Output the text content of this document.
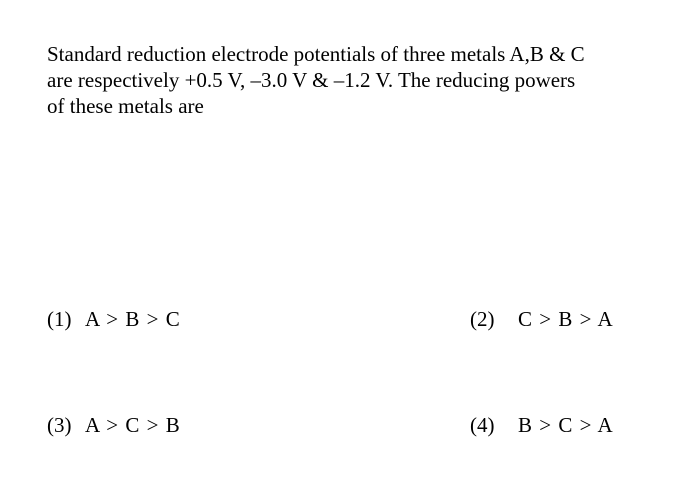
Standard reduction electrode potentials of three metals A,B & C
are respectively +0.5 V, –3.0 V & –1.2 V. The reducing powers
of these metals are
(1) A > B > C	(2) C > B > A
(3) A > C > B	(4) B > C > A
